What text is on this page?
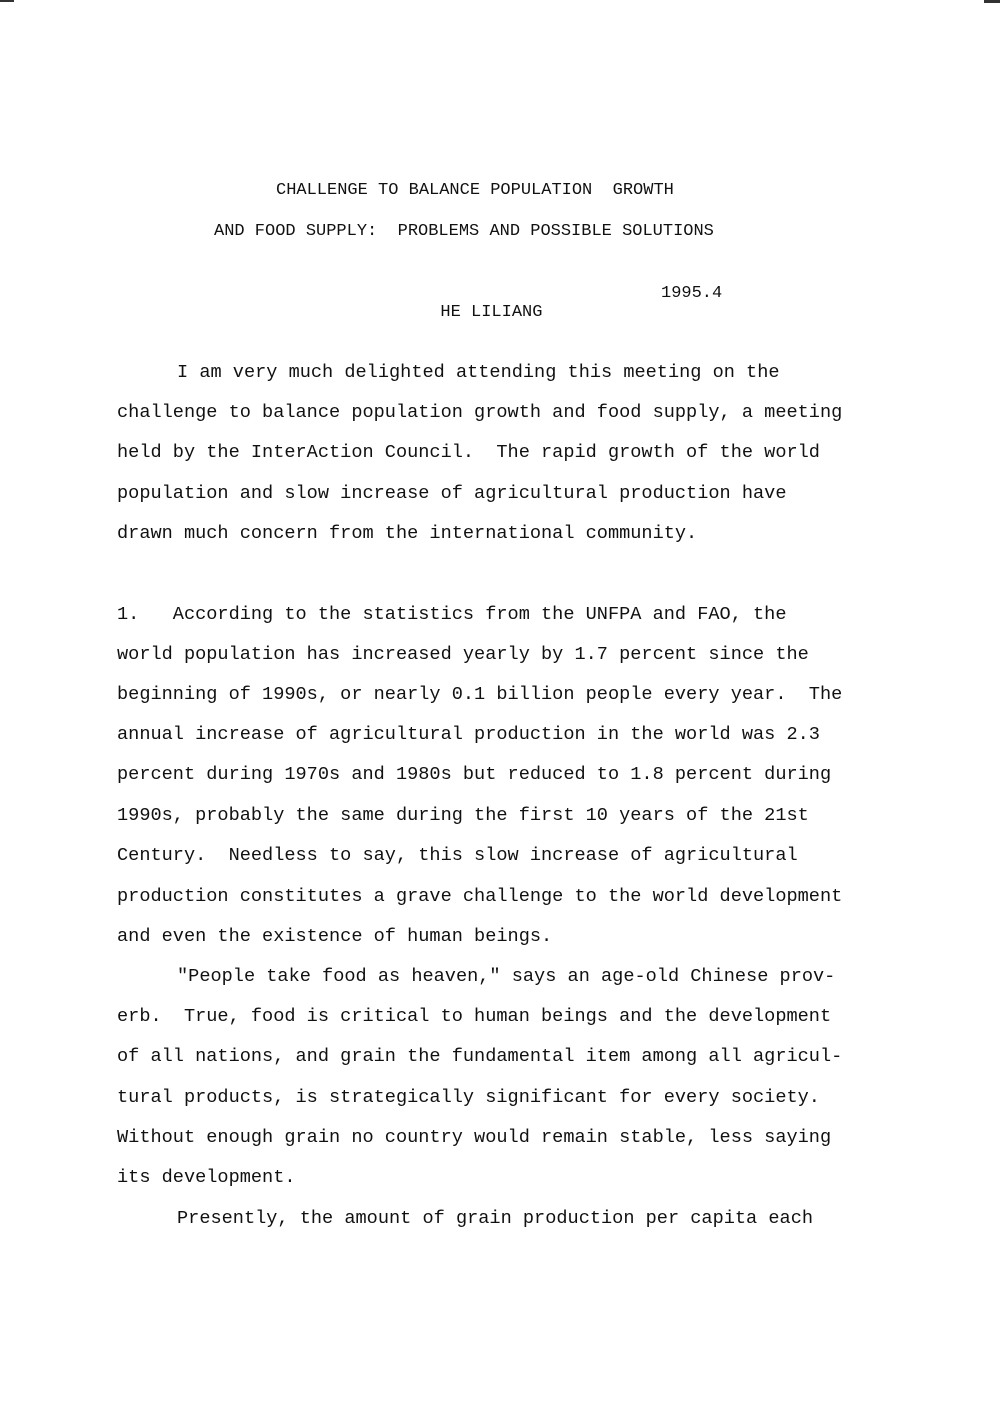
CHALLENGE TO BALANCE POPULATION  GROWTH
AND FOOD SUPPLY:  PROBLEMS AND POSSIBLE SOLUTIONS

HE LILIANG

1995.4

I am very much delighted attending this meeting on the
challenge to balance population growth and food supply, a meeting
held by the InterAction Council.  The rapid growth of the world
population and slow increase of agricultural production have
drawn much concern from the international community.
1.   According to the statistics from the UNFPA and FAO, the
world population has increased yearly by 1.7 percent since the
beginning of 1990s, or nearly 0.1 billion people every year.  The
annual increase of agricultural production in the world was 2.3
percent during 1970s and 1980s but reduced to 1.8 percent during
1990s, probably the same during the first 10 years of the 21st
Century.  Needless to say, this slow increase of agricultural
production constitutes a grave challenge to the world development
and even the existence of human beings.
"People take food as heaven," says an age-old Chinese prov-
erb.  True, food is critical to human beings and the development
of all nations, and grain the fundamental item among all agricul-
tural products, is strategically significant for every society.
Without enough grain no country would remain stable, less saying
its development.
Presently, the amount of grain production per capita each
